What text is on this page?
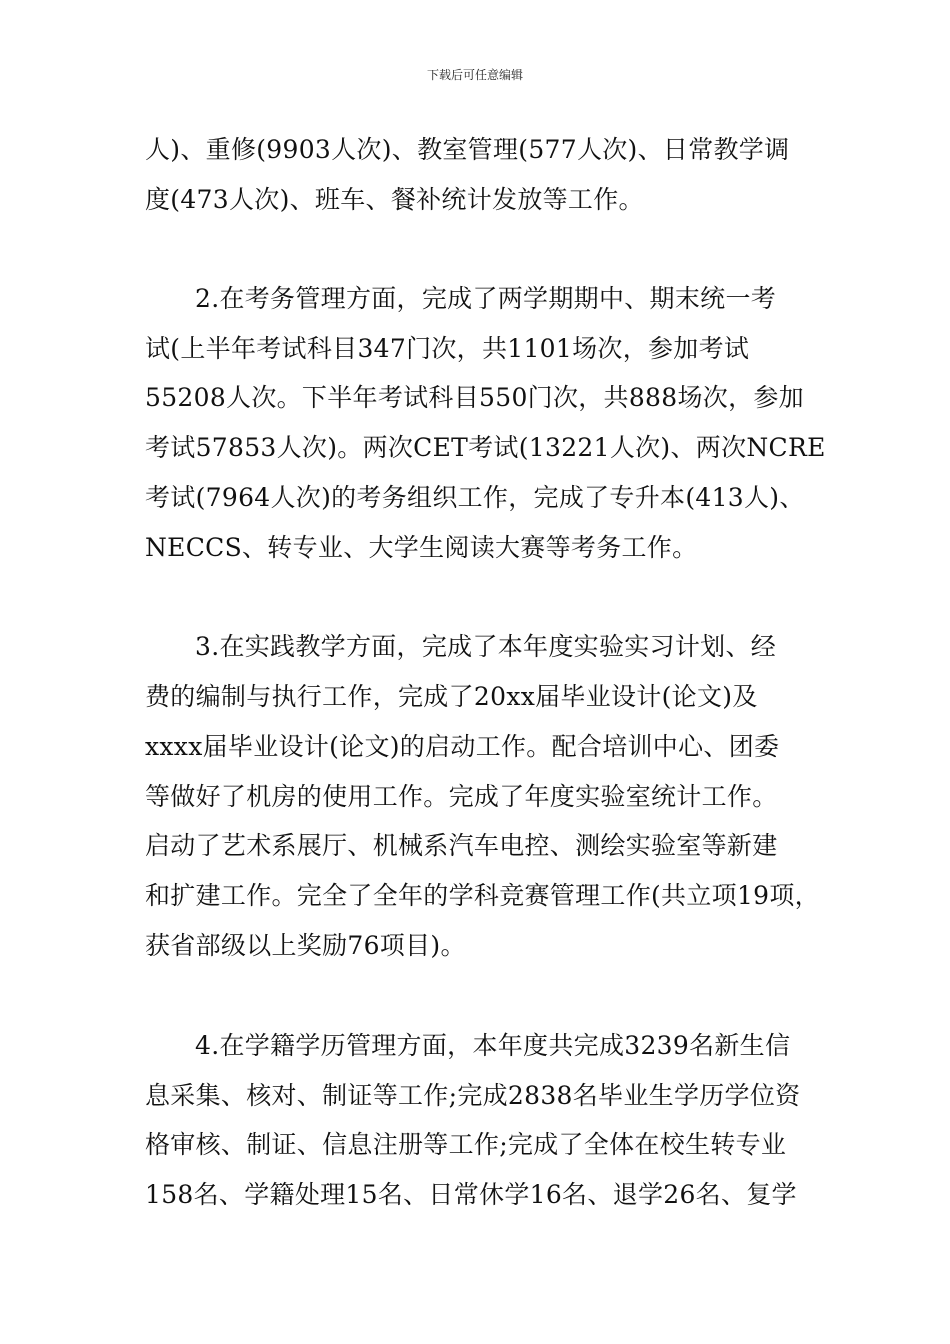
下载后可任意编辑
人)、重修(9903人次)、教室管理(577人次)、日常教学调
度(473人次)、班车、餐补统计发放等工作。
2.在考务管理方面，完成了两学期期中、期末统一考
试(上半年考试科目347门次，共1101场次，参加考试
55208人次。下半年考试科目550门次，共888场次，参加
考试57853人次)。两次CET考试(13221人次)、两次NCRE
考试(7964人次)的考务组织工作，完成了专升本(413人)、
NECCS、转专业、大学生阅读大赛等考务工作。
3.在实践教学方面，完成了本年度实验实习计划、经
费的编制与执行工作，完成了20xx届毕业设计(论文)及
xxxx届毕业设计(论文)的启动工作。配合培训中心、团委
等做好了机房的使用工作。完成了年度实验室统计工作。
启动了艺术系展厅、机械系汽车电控、测绘实验室等新建
和扩建工作。完全了全年的学科竞赛管理工作(共立项19项，
获省部级以上奖励76项目)。
4.在学籍学历管理方面，本年度共完成3239名新生信
息采集、核对、制证等工作;完成2838名毕业生学历学位资
格审核、制证、信息注册等工作;完成了全体在校生转专业
158名、学籍处理15名、日常休学16名、退学26名、复学
